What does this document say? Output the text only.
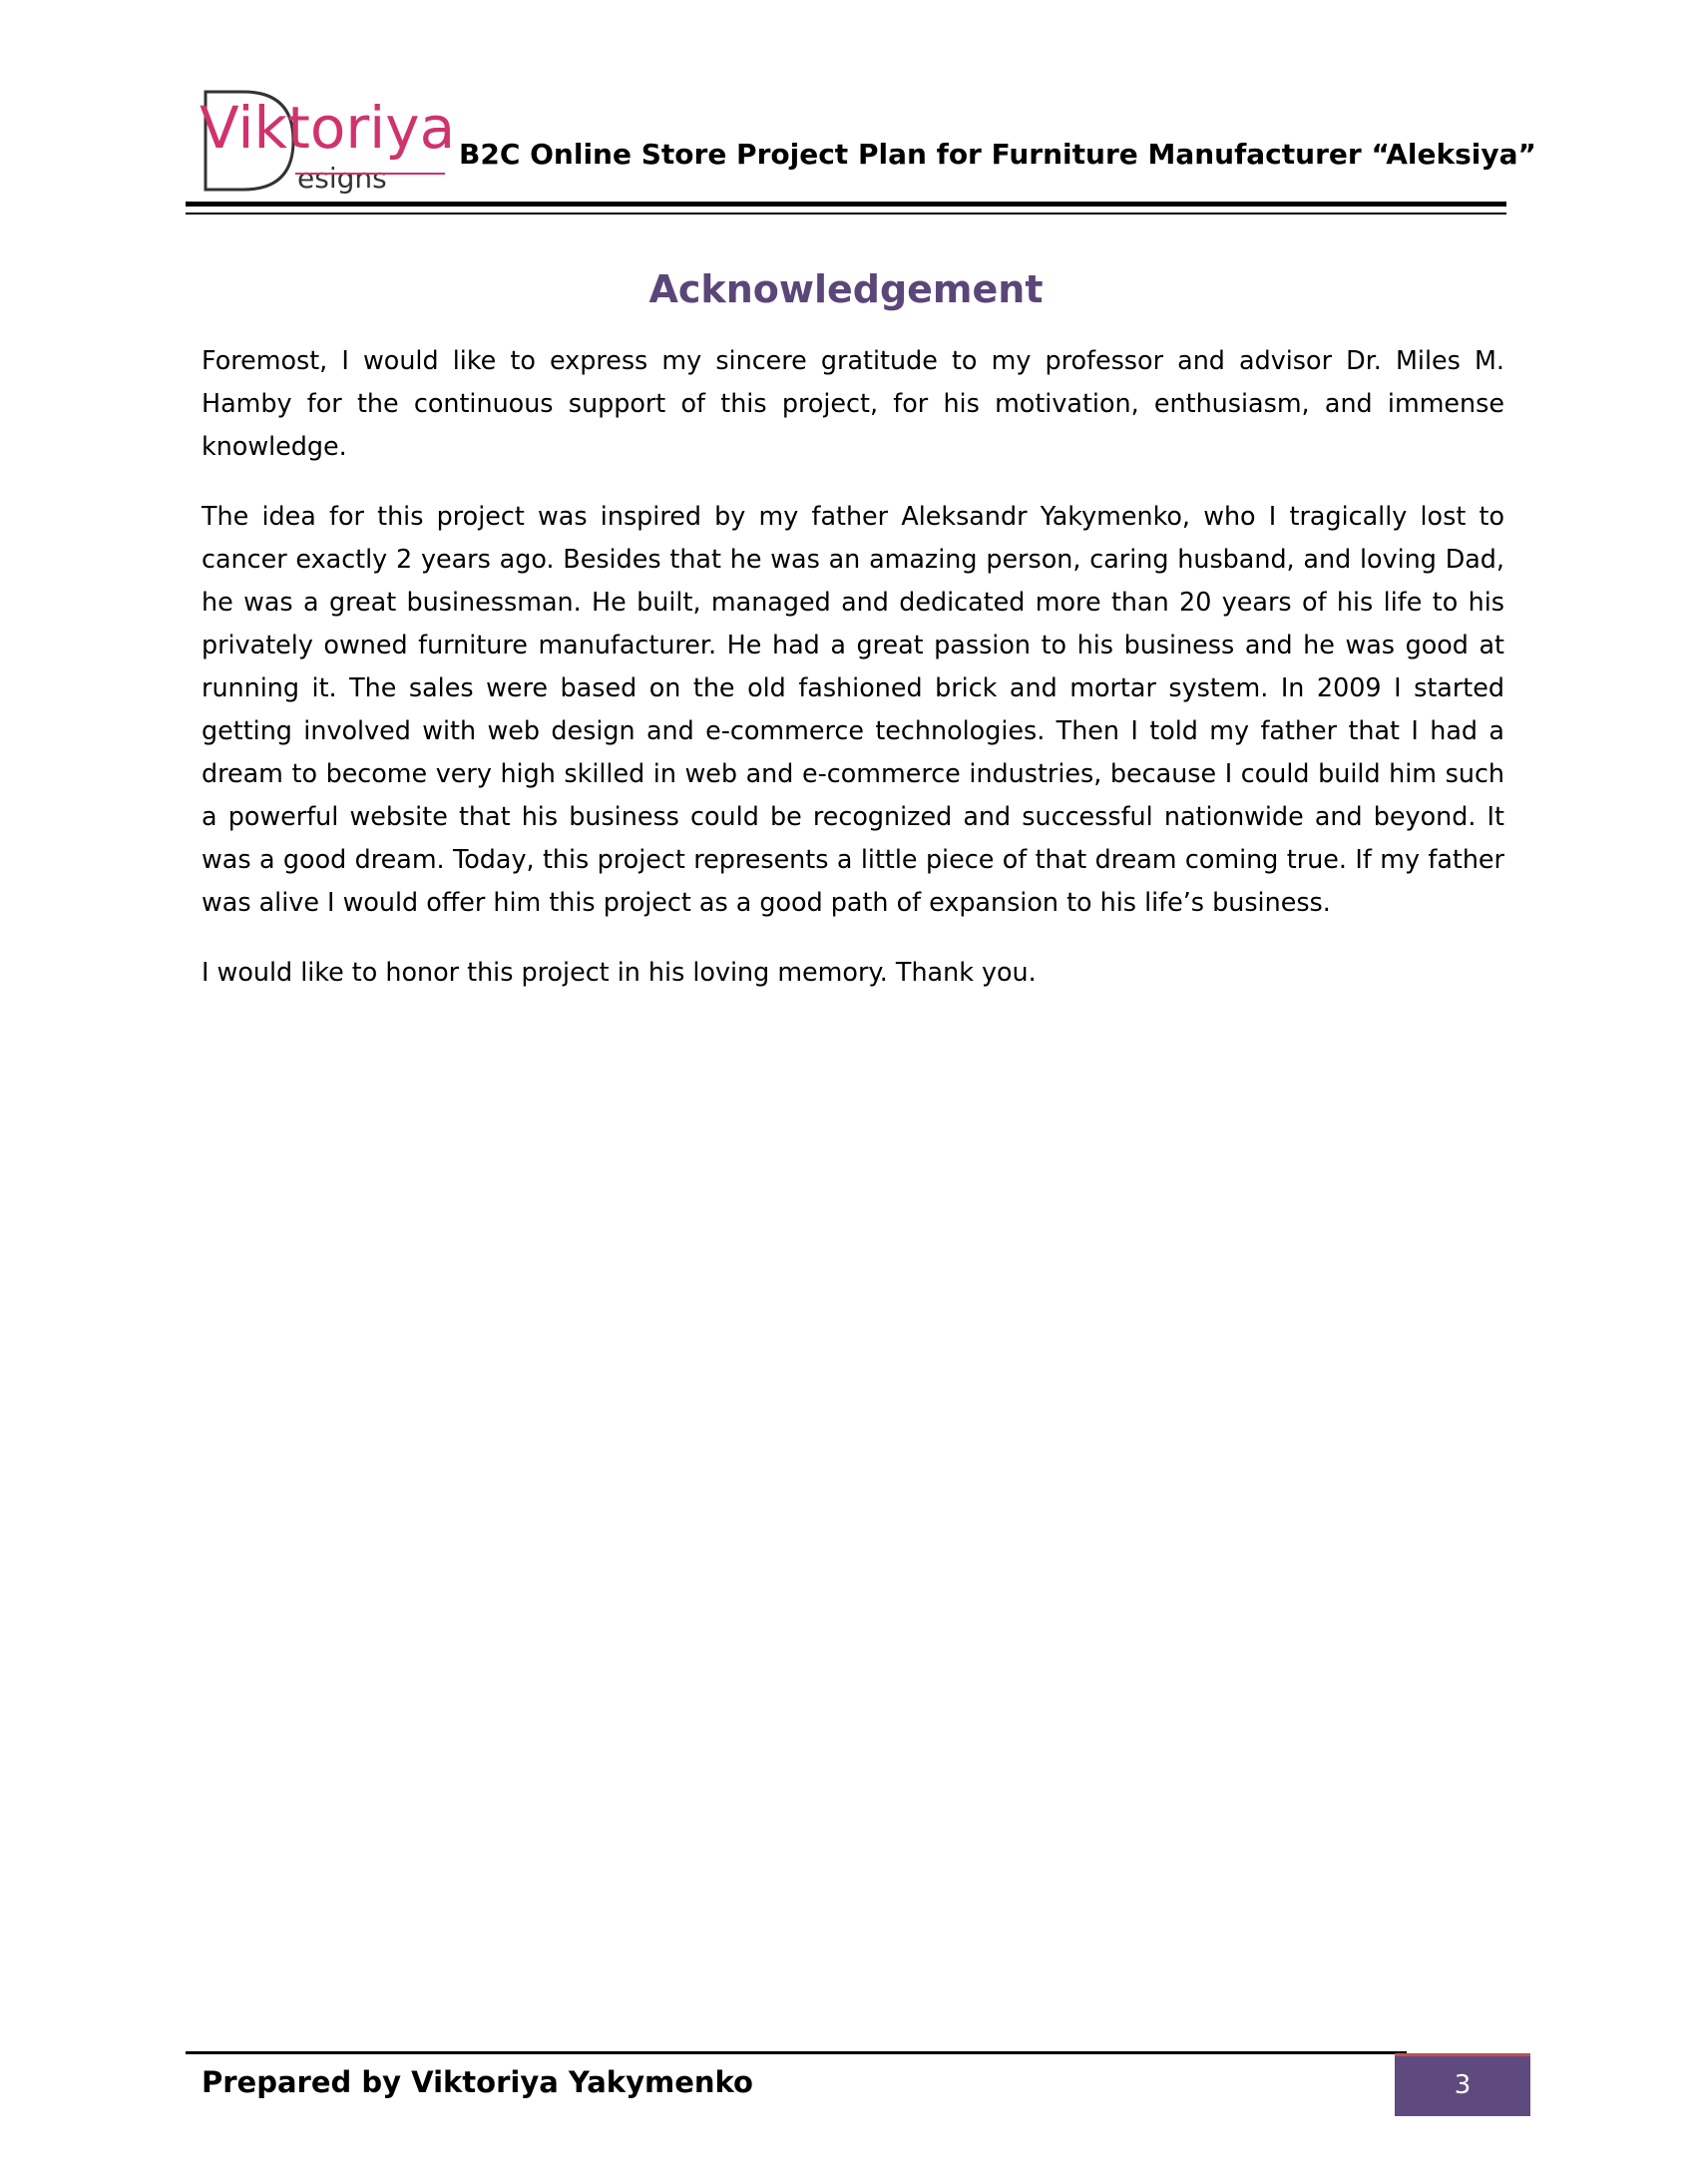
Viktoriya
esigns
B2C Online Store Project Plan for Furniture Manufacturer “Aleksiya”
Acknowledgement

Foremost, I would like to express my sincere gratitude to my professor and advisor Dr. Miles M. Hamby for the continuous support of this project, for his motivation, enthusiasm, and immense knowledge.

The idea for this project was inspired by my father Aleksandr Yakymenko, who I tragically lost to cancer exactly 2 years ago. Besides that he was an amazing person, caring husband, and loving Dad, he was a great businessman. He built, managed and dedicated more than 20 years of his life to his privately owned furniture manufacturer. He had a great passion to his business and he was good at running it. The sales were based on the old fashioned brick and mortar system. In 2009 I started getting involved with web design and e-commerce technologies. Then I told my father that I had a dream to become very high skilled in web and e-commerce industries, because I could build him such a powerful website that his business could be recognized and successful nationwide and beyond. It was a good dream. Today, this project represents a little piece of that dream coming true. If my father was alive I would offer him this project as a good path of expansion to his life’s business.

I would like to honor this project in his loving memory. Thank you.

Prepared by Viktoriya Yakymenko	3
